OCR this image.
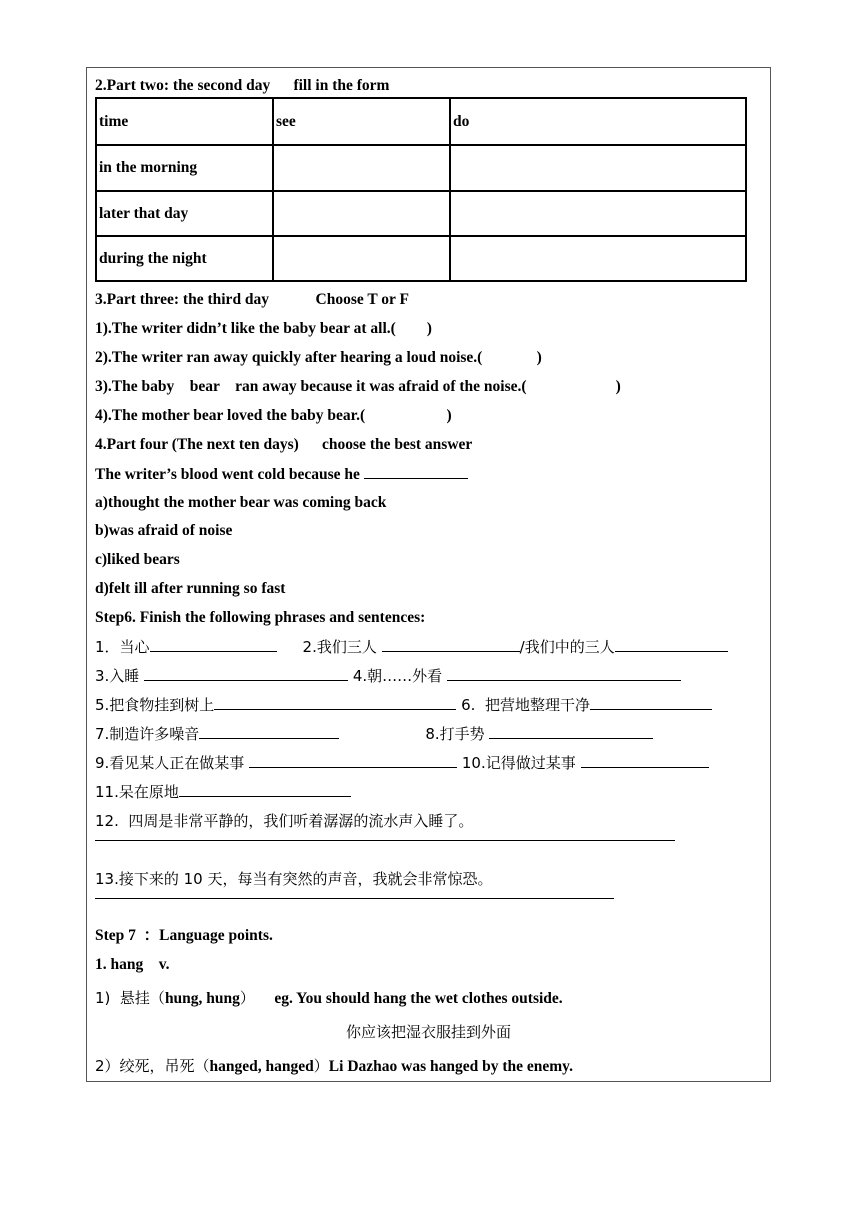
2.Part two: the second day      fill in the form
time	see	do
in the morning		
later that day		
during the night		
3.Part three: the third day            Choose T or F
1).The writer didn’t like the baby bear at all.(        )
2).The writer ran away quickly after hearing a loud noise.(              )
3).The baby    bear    ran away because it was afraid of the noise.(                       )
4).The mother bear loved the baby bear.(                     )
4.Part four (The next ten days)      choose the best answer
The writer’s blood went cold because he
a)thought the mother bear was coming back
b)was afraid of noise
c)liked bears
d)felt ill after running so fast
Step6. Finish the following phrases and sentences:
1．当心	2.我们三人	/我们中的三人
3.入睡	4.朝……外看
5.把食物挂到树上	6.  把营地整理干净
7.制造许多噪音	8.打手势
9.看见某人正在做某事	10.记得做过某事
11.呆在原地
12.  四周是非常平静的，我们听着潺潺的流水声入睡了。
13.接下来的 10 天，每当有突然的声音，我就会非常惊恐。
Step 7  ：Language points.
1. hang    v.
1)  悬挂（hung, hung）     eg. You should hang the wet clothes outside.
你应该把湿衣服挂到外面
2）绞死，吊死（hanged, hanged）Li Dazhao was hanged by the enemy.
